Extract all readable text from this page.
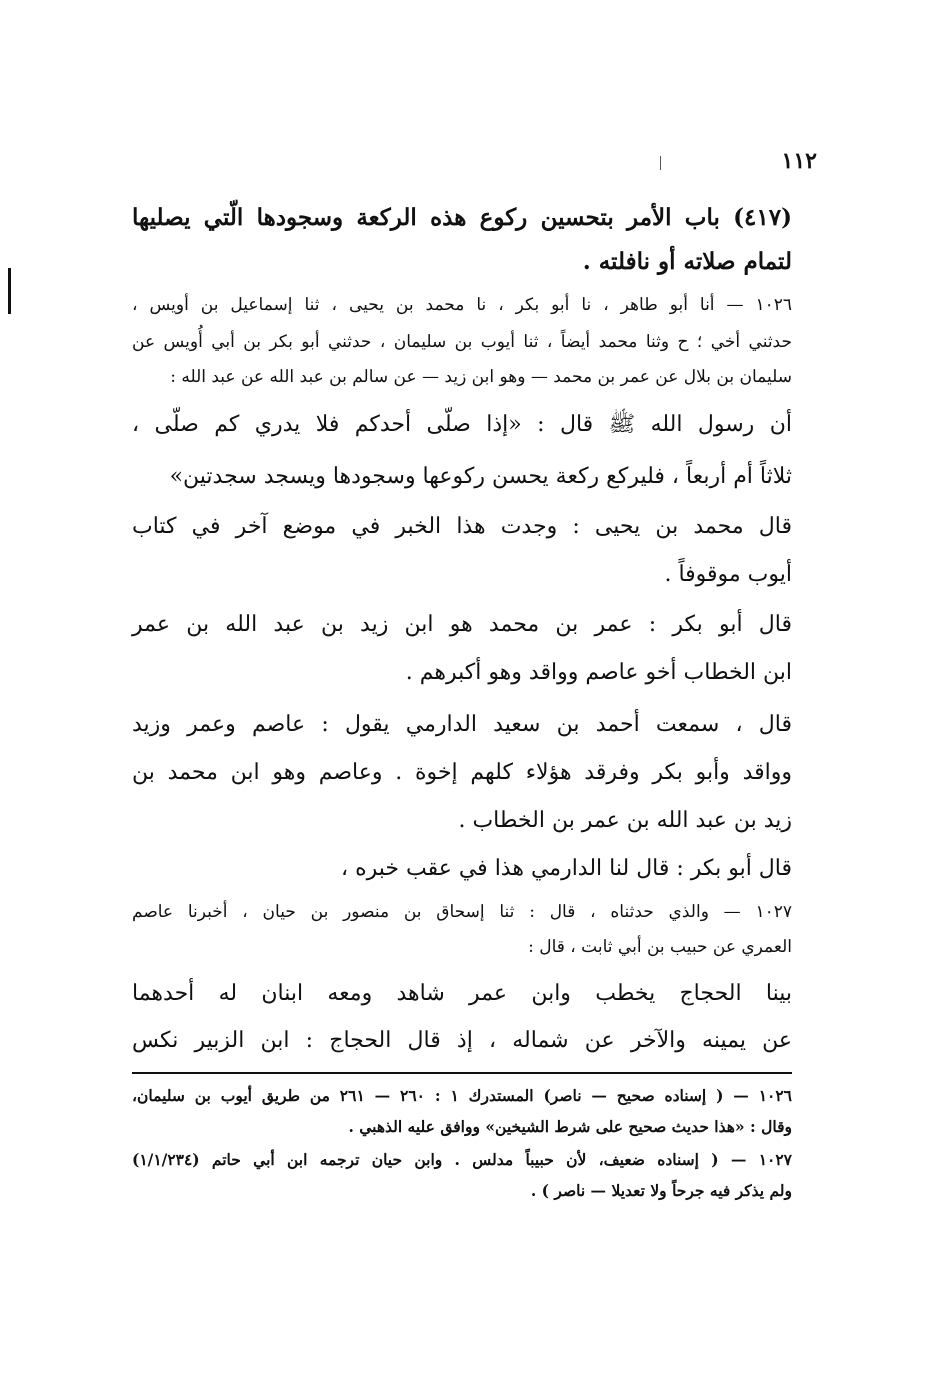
١١٢
(٤١٧) باب الأمر بتحسين ركوع هذه الركعة وسجودها الّتي يصليها
لتمام صلاته أو نافلته .
١٠٢٦ — أنا أبو طاهر ، نا أبو بكر ، نا محمد بن يحيى ، ثنا إسماعيل بن أويس ،
حدثني أخي ؛ ح وثنا محمد أيضاً ، ثنا أيوب بن سليمان ، حدثني أبو بكر بن أبي أُويس عن
سليمان بن بلال عن عمر بن محمد — وهو ابن زيد — عن سالم بن عبد الله عن عبد الله :
أن رسول الله ﷺ قال : «إذا صلّى أحدكم فلا يدري كم صلّى ،
ثلاثاً أم أربعاً ، فليركع ركعة يحسن ركوعها وسجودها ويسجد سجدتين»
قال محمد بن يحيى : وجدت هذا الخبر في موضع آخر في كتاب
أيوب موقوفاً .
قال أبو بكر : عمر بن محمد هو ابن زيد بن عبد الله بن عمر
ابن الخطاب أخو عاصم وواقد وهو أكبرهم .
قال ، سمعت أحمد بن سعيد الدارمي يقول : عاصم وعمر وزيد
وواقد وأبو بكر وفرقد هؤلاء كلهم إخوة . وعاصم وهو ابن محمد بن
زيد بن عبد الله بن عمر بن الخطاب .
قال أبو بكر : قال لنا الدارمي هذا في عقب خبره ،
١٠٢٧ — والذي حدثناه ، قال : ثنا إسحاق بن منصور بن حيان ، أخبرنا عاصم
العمري عن حبيب بن أبي ثابت ، قال :
بينا الحجاج يخطب وابن عمر شاهد ومعه ابنان له أحدهما
عن يمينه والآخر عن شماله ، إذ قال الحجاج : ابن الزبير نكس
١٠٢٦ — ( إسناده صحيح — ناصر) المستدرك ١ : ٢٦٠ — ٢٦١ من طريق أيوب بن سليمان،
وقال : «هذا حديث صحيح على شرط الشيخين» ووافق عليه الذهبي .
١٠٢٧ — ( إسناده ضعيف، لأن حبيباً مدلس . وابن حيان ترجمه ابن أبي حاتم (١/١/٢٣٤)
ولم يذكر فيه جرحاً ولا تعديلا — ناصر ) .
